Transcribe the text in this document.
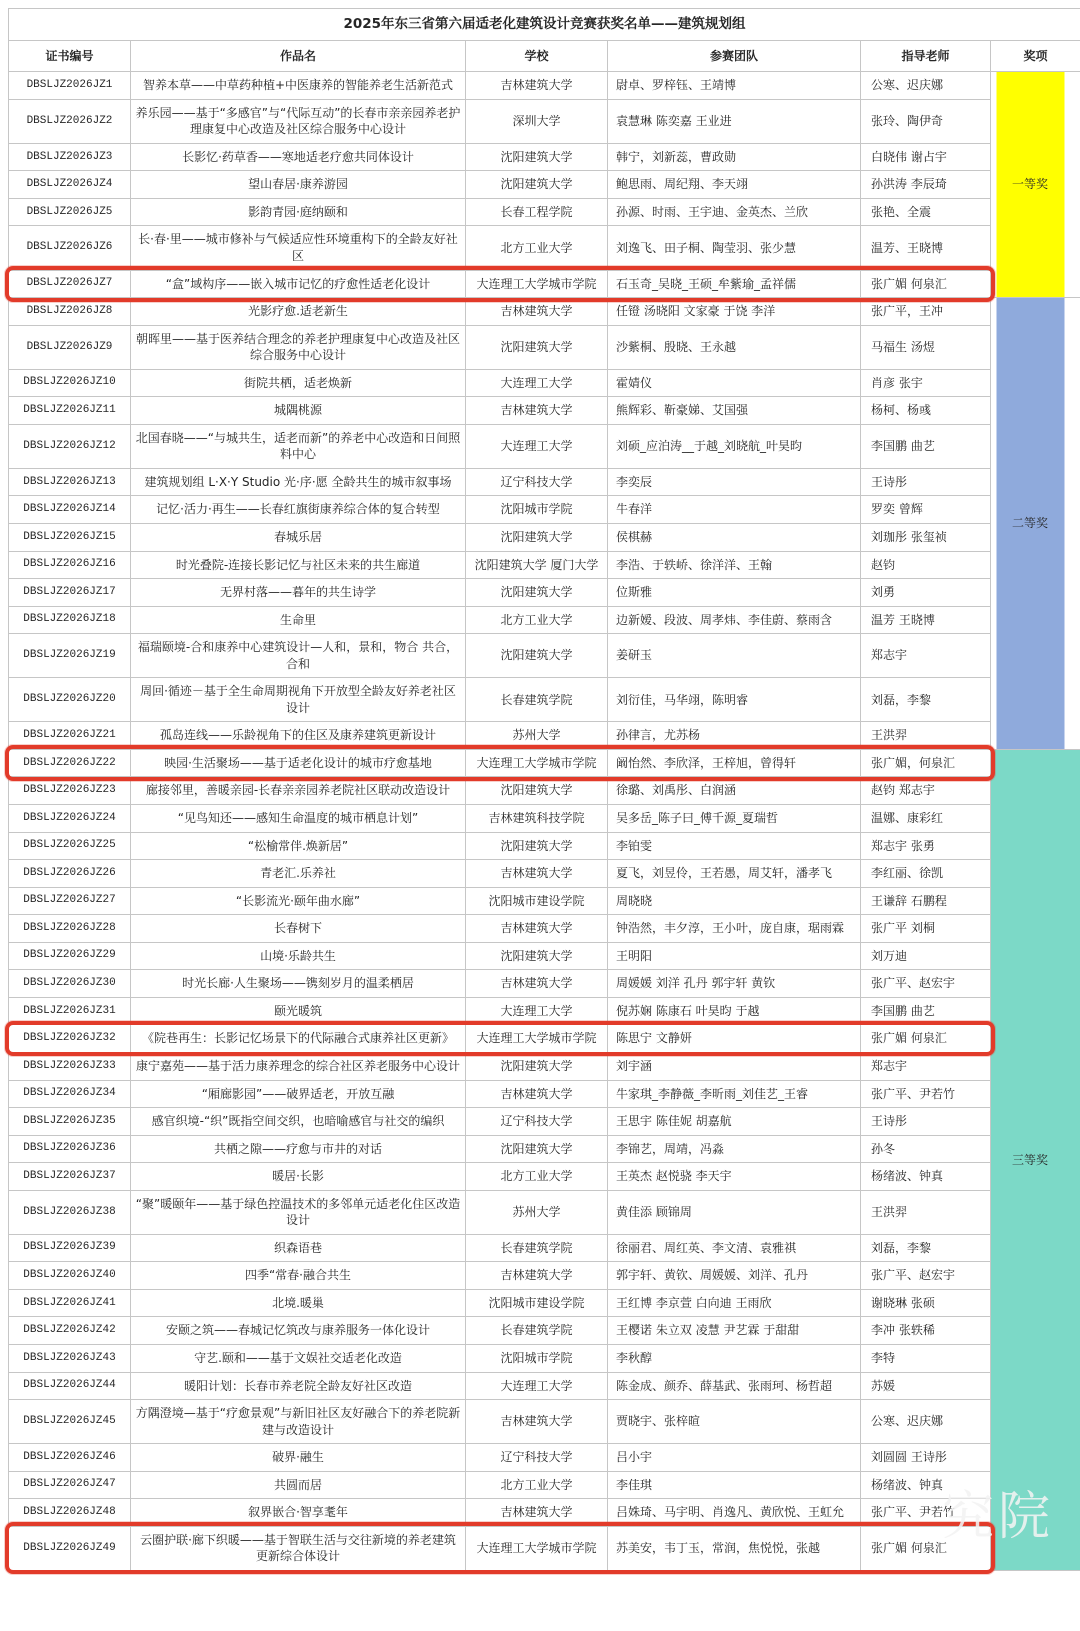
2025年东三省第六届适老化建筑设计竞赛获奖名单——建筑规划组					
证书编号	作品名	学校	参赛团队	指导老师	奖项
DBSLJZ2026JZ1	智养本草——中草药种植+中医康养的智能养老生活新范式	吉林建筑大学	尉卓、罗梓钰、王靖博	公寒、迟庆娜	一等奖
DBSLJZ2026JZ2	养乐园——基于“多感官”与“代际互动”的长春市亲亲园养老护理康复中心改造及社区综合服务中心设计	深圳大学	袁慧琳 陈奕嘉 王业进	张玲、陶伊奇	
DBSLJZ2026JZ3	长影忆·药草香——寒地适老疗愈共同体设计	沈阳建筑大学	韩宁，刘新蕊，曹政勋	白晓伟 谢占宇	
DBSLJZ2026JZ4	望山春居·康养游园	沈阳建筑大学	鲍思雨、周纪翔、李天翊	孙洪涛 李辰琦	
DBSLJZ2026JZ5	影韵青园·庭纳颐和	长春工程学院	孙源、时雨、王宇迪、金英杰、兰欣	张艳、全震	
DBSLJZ2026JZ6	长·春·里——城市修补与气候适应性环境重构下的全龄友好社区	北方工业大学	刘逸飞、田子桐、陶莹羽、张少慧	温芳、王晓博	
DBSLJZ2026JZ7	“盒”域构序——嵌入城市记忆的疗愈性适老化设计	大连理工大学城市学院	石玉奇_吴晓_王硕_牟紫瑜_孟祥儒	张广媚 何泉汇	
DBSLJZ2026JZ8	光影疗愈.适老新生	吉林建筑大学	任镫 汤晓阳 文家豪 于饶 李洋	张广平，王冲	二等奖
DBSLJZ2026JZ9	朝晖里——基于医养结合理念的养老护理康复中心改造及社区综合服务中心设计	沈阳建筑大学	沙紫桐、殷晓、王永越	马福生 汤煜	
DBSLJZ2026JZ10	街院共栖，适老焕新	大连理工大学	霍婧仪	肖彦 张宇	
DBSLJZ2026JZ11	城隅桃源	吉林建筑大学	熊辉彩、靳豪娣、艾国强	杨柯、杨彧	
DBSLJZ2026JZ12	北国春晓——“与城共生，适老而新”的养老中心改造和日间照料中心	大连理工大学	刘硕_应泊涛__于越_刘晓航_叶昊昀	李国鹏 曲艺	
DBSLJZ2026JZ13	建筑规划组 L·X·Y Studio 光·序·愿 全龄共生的城市叙事场	辽宁科技大学	李奕辰	王诗彤	
DBSLJZ2026JZ14	记忆·活力·再生——长春红旗街康养综合体的复合转型	沈阳城市学院	牛春洋	罗奕 曾辉	
DBSLJZ2026JZ15	春城乐居	沈阳建筑大学	侯棋赫	刘珈彤 张玺祯	
DBSLJZ2026JZ16	时光叠院-连接长影记忆与社区未来的共生廊道	沈阳建筑大学 厦门大学	李浩、于轶峤、徐洋洋、王翰	赵钧	
DBSLJZ2026JZ17	无界村落——暮年的共生诗学	沈阳建筑大学	位斯雅	刘勇	
DBSLJZ2026JZ18	生命里	北方工业大学	边新嫒、段波、周孝炜、李佳蔚、蔡雨含	温芳 王晓博	
DBSLJZ2026JZ19	福瑞颐境-合和康养中心建筑设计—人和，景和，物合 共合，合和	沈阳建筑大学	姜研玉	郑志宇	
DBSLJZ2026JZ20	周回·循迹－基于全生命周期视角下开放型全龄友好养老社区设计	长春建筑学院	刘衍佳，马华翊，陈明睿	刘磊，李黎	
DBSLJZ2026JZ21	孤岛连线——乐龄视角下的住区及康养建筑更新设计	苏州大学	孙律言，尤苏杨	王洪羿	
DBSLJZ2026JZ22	映园·生活聚场——基于适老化设计的城市疗愈基地	大连理工大学城市学院	阚怡然、李欣泽，王梓旭，曾得轩	张广媚，何泉汇	三等奖
DBSLJZ2026JZ23	廊接邻里，善暖亲园-长春亲亲园养老院社区联动改造设计	沈阳建筑大学	徐璐、刘禹彤、白润涵	赵钧 郑志宇	
DBSLJZ2026JZ24	“见鸟知还——感知生命温度的城市栖息计划”	吉林建筑科技学院	吴多岳_陈子曰_傅千源_夏瑞哲	温娜、康彩红	
DBSLJZ2026JZ25	“松榆常伴.焕新居”	沈阳建筑大学	李铂雯	郑志宇 张勇	
DBSLJZ2026JZ26	青老汇.乐养社	吉林建筑大学	夏飞，刘昱伶，王若愚，周艾轩，潘孝飞	李红丽、徐凯	
DBSLJZ2026JZ27	“长影流光·颐年曲水廊”	沈阳城市建设学院	周晓晓	王谦辞 石鹏程	
DBSLJZ2026JZ28	长春树下	吉林建筑大学	钟浩然，丰夕淳，王小叶，庞自康，琚雨霖	张广平 刘桐	
DBSLJZ2026JZ29	山境·乐龄共生	沈阳建筑大学	王明阳	刘万迪	
DBSLJZ2026JZ30	时光长廊·人生聚场——镌刻岁月的温柔栖居	吉林建筑大学	周媛媛 刘洋 孔丹 郭宇轩 黄钦	张广平、赵宏宇	
DBSLJZ2026JZ31	颐光暖筑	大连理工大学	倪苏娴 陈康石 叶昊昀 于越	李国鹏 曲艺	
DBSLJZ2026JZ32	《院巷再生：长影记忆场景下的代际融合式康养社区更新》	大连理工大学城市学院	陈思宁 文静妍	张广媚 何泉汇	
DBSLJZ2026JZ33	康宁嘉苑——基于活力康养理念的综合社区养老服务中心设计	沈阳建筑大学	刘宇涵	郑志宇	
DBSLJZ2026JZ34	“厢廊影园”——破界适老，开放互融	吉林建筑大学	牛家琪_李静薇_李昕雨_刘佳艺_王睿	张广平、尹若竹	
DBSLJZ2026JZ35	感官织境-“织”既指空间交织，也暗喻感官与社交的编织	辽宁科技大学	王思宇 陈佳妮 胡嘉航	王诗彤	
DBSLJZ2026JZ36	共栖之隙——疗愈与市井的对话	沈阳建筑大学	李锦艺，周靖，冯淼	孙冬	
DBSLJZ2026JZ37	暖居·长影	北方工业大学	王英杰 赵悦骁 李天宇	杨绪波、钟真	
DBSLJZ2026JZ38	“聚”暖颐年——基于绿色控温技术的多邻单元适老化住区改造设计	苏州大学	黄佳添 顾锦周	王洪羿	
DBSLJZ2026JZ39	织森语巷	长春建筑学院	徐丽君、周红英、李文清、袁雅祺	刘磊，李黎	
DBSLJZ2026JZ40	四季“常春·融合共生	吉林建筑大学	郭宇轩、黄钦、周媛媛、刘洋、孔丹	张广平、赵宏宇	
DBSLJZ2026JZ41	北境.暖巢	沈阳城市建设学院	王红博 李京萱 白向迪 王雨欣	谢晓琳 张硕	
DBSLJZ2026JZ42	安颐之筑——春城记忆筑改与康养服务一体化设计	长春建筑学院	王樱诺 朱立双 凌慧 尹艺霖 于甜甜	李冲 张轶稀	
DBSLJZ2026JZ43	守艺.颐和——基于文娱社交适老化改造	沈阳城市学院	李秋醇	李特	
DBSLJZ2026JZ44	暖阳计划：长春市养老院全龄友好社区改造	大连理工大学	陈金成、颜乔、薛基武、张雨珂、杨哲超	苏媛	
DBSLJZ2026JZ45	方隅澄境—基于“疗愈景观”与新旧社区友好融合下的养老院新建与改造设计	吉林建筑大学	贾晓宇、张梓暄	公寒、迟庆娜	
DBSLJZ2026JZ46	破界·融生	辽宁科技大学	吕小宇	刘圆圆 王诗彤	
DBSLJZ2026JZ47	共圆而居	北方工业大学	李佳琪	杨绪波、钟真	
DBSLJZ2026JZ48	叙界嵌合·智享耄年	吉林建筑大学	吕姝琦、马宇明、肖逸凡、黄欣悦、王虹允	张广平、尹若竹	
DBSLJZ2026JZ49	云圈护联·廊下织暖——基于智联生活与交往新境的养老建筑更新综合体设计	大连理工大学城市学院	苏美安，韦丁玉，常润，焦悦悦，张越	张广媚 何泉汇	
究院
